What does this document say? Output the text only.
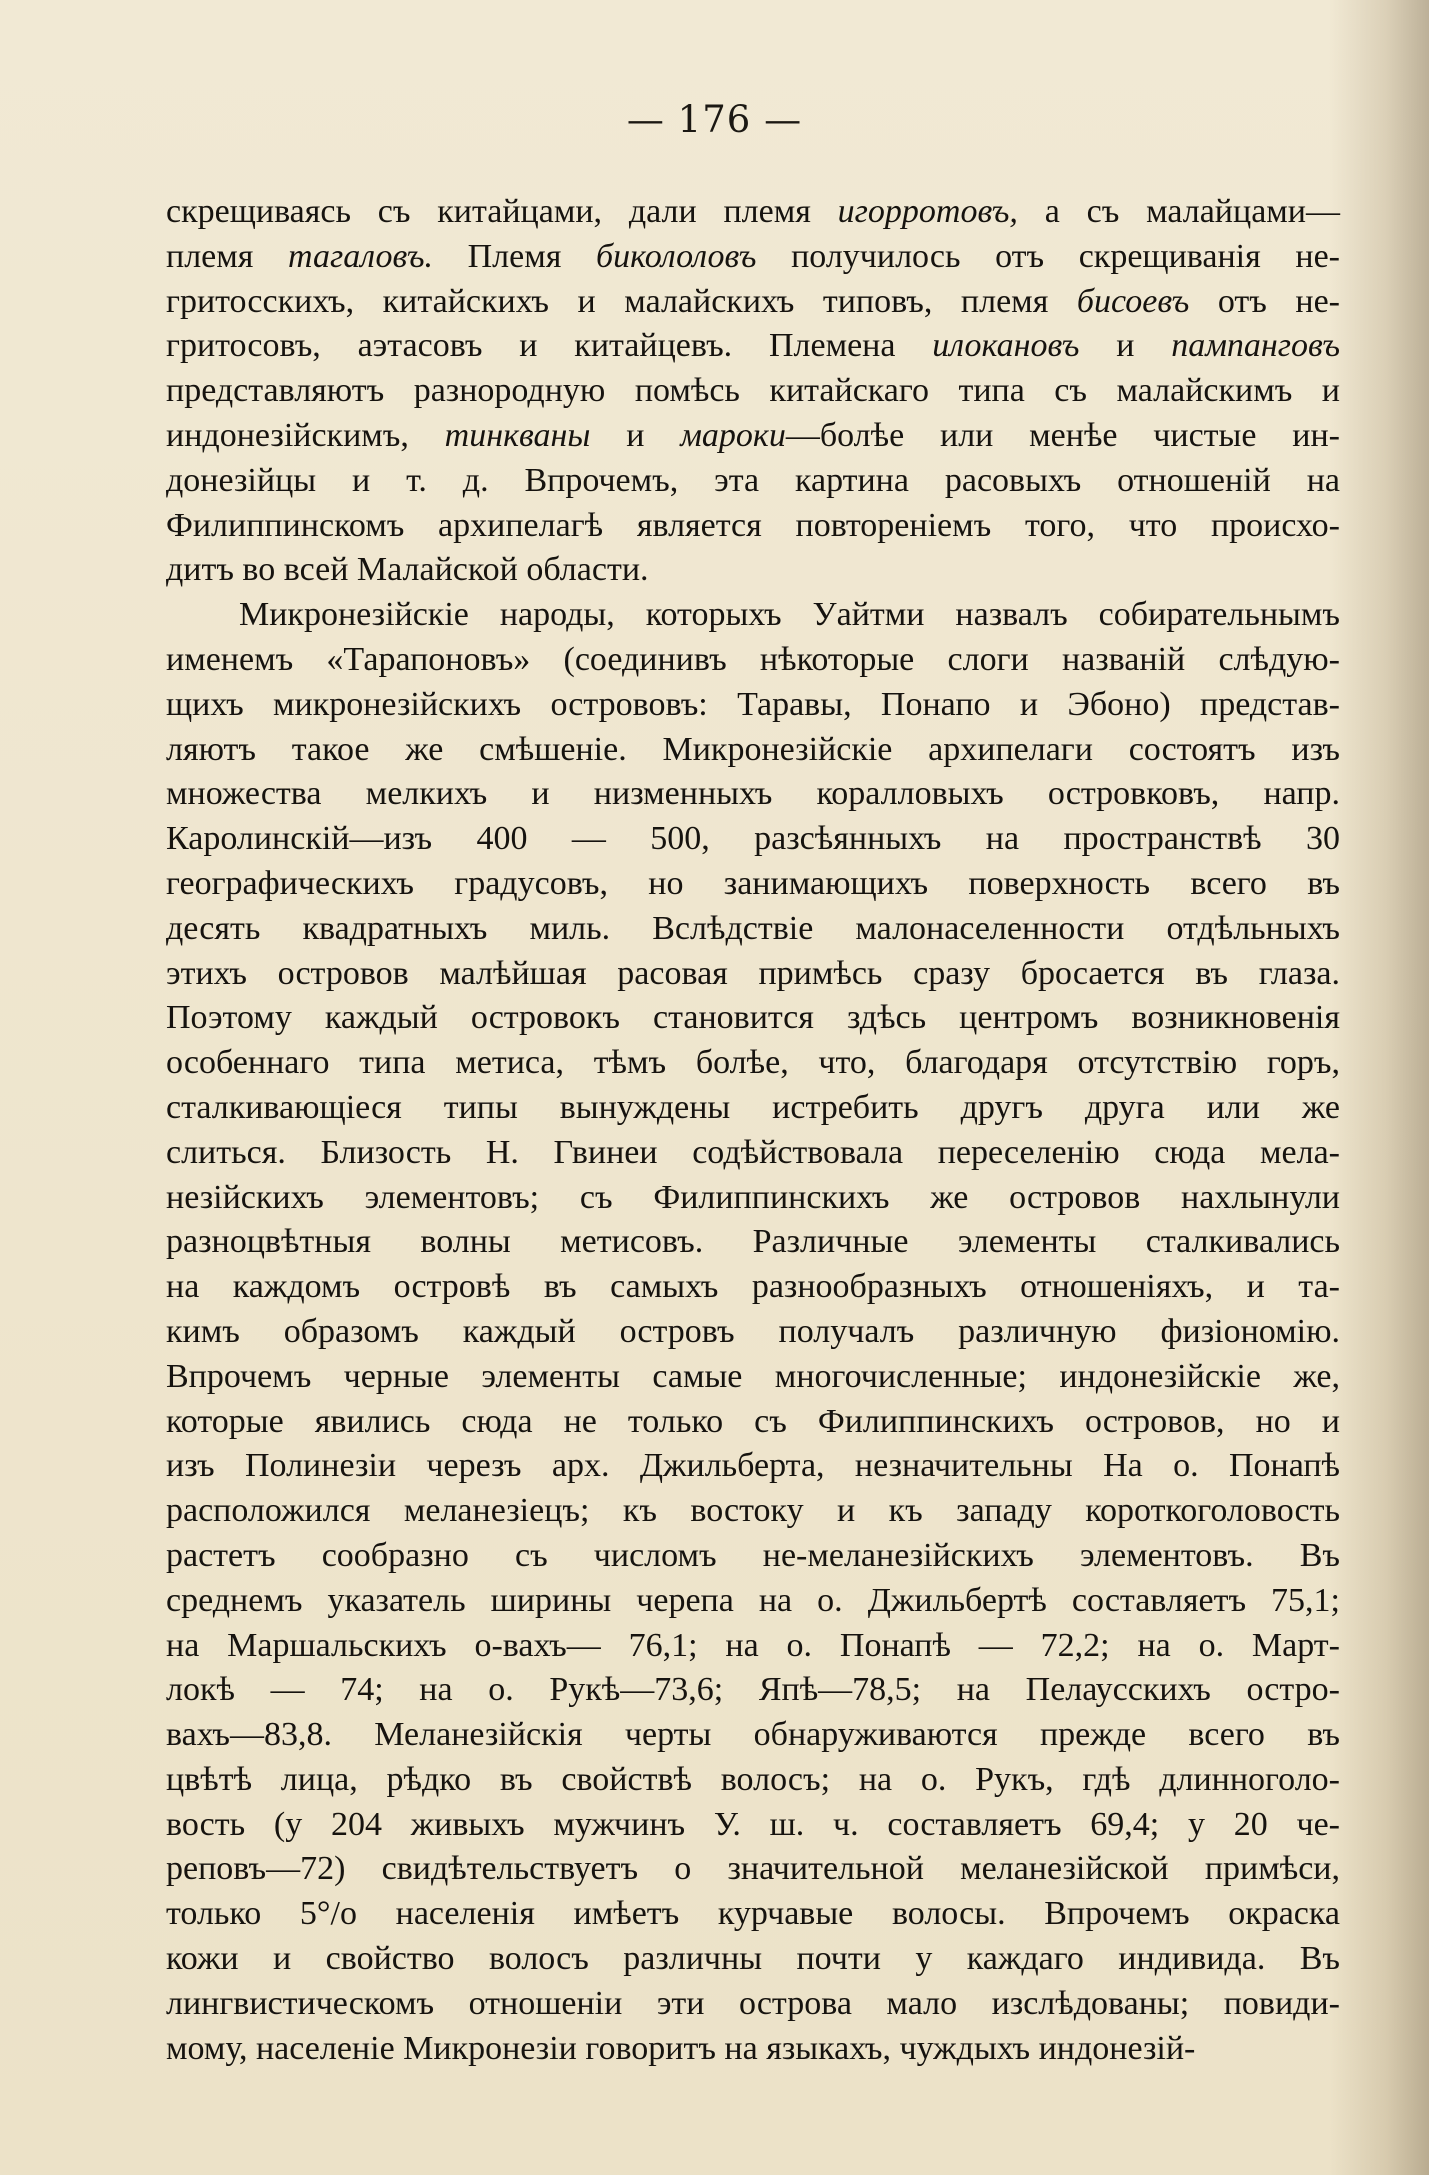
— 176 —
скрещиваясь съ китайцами, дали племя игорротовъ, а съ малайцами—
племя тагаловъ. Племя бикололовъ получилось отъ скрещиванія не-
гритосскихъ, китайскихъ и малайскихъ типовъ, племя бисоевъ отъ не-
гритосовъ, аэтасовъ и китайцевъ. Племена илокановъ и пампанговъ
представляютъ разнородную помѣсь китайскаго типа съ малайскимъ и
индонезійскимъ, тинкваны и мароки—болѣе или менѣе чистые ин-
донезійцы и т. д. Впрочемъ, эта картина расовыхъ отношеній на
Филиппинскомъ архипелагѣ является повтореніемъ того, что происхо-
дитъ во всей Малайской области.
Микронезійскіе народы, которыхъ Уайтми назвалъ собирательнымъ
именемъ «Тарапоновъ» (соединивъ нѣкоторые слоги названій слѣдую-
щихъ микронезійскихъ острововъ: Таравы, Понапо и Эбоно) представ-
ляютъ такое же смѣшеніе. Микронезійскіе архипелаги состоятъ изъ
множества мелкихъ и низменныхъ коралловыхъ островковъ, напр.
Каролинскій—изъ 400 — 500, разсѣянныхъ на пространствѣ 30
географическихъ градусовъ, но занимающихъ поверхность всего въ
десять квадратныхъ миль. Вслѣдствіе малонаселенности отдѣльныхъ
этихъ островов малѣйшая расовая примѣсь сразу бросается въ глаза.
Поэтому каждый островокъ становится здѣсь центромъ возникновенія
особеннаго типа метиса, тѣмъ болѣе, что, благодаря отсутствію горъ,
сталкивающіеся типы вынуждены истребить другъ друга или же
слиться. Близость Н. Гвинеи содѣйствовала переселенію сюда мела-
незійскихъ элементовъ; съ Филиппинскихъ же островов нахлынули
разноцвѣтныя волны метисовъ. Различные элементы сталкивались
на каждомъ островѣ въ самыхъ разнообразныхъ отношеніяхъ, и та-
кимъ образомъ каждый островъ получалъ различную физіономію.
Впрочемъ черные элементы самые многочисленные; индонезійскіе же,
которые явились сюда не только съ Филиппинскихъ островов, но и
изъ Полинезіи черезъ арх. Джильберта, незначительны На о. Понапѣ
расположился меланезіецъ; къ востоку и къ западу короткоголовость
растетъ сообразно съ числомъ не-меланезійскихъ элементовъ. Въ
среднемъ указатель ширины черепа на о. Джильбертѣ составляетъ 75,1;
на Маршальскихъ о-вахъ— 76,1; на о. Понапѣ — 72,2; на о. Март-
локѣ — 74; на о. Рукѣ—73,6; Япѣ—78,5; на Пелаусскихъ остро-
вахъ—83,8. Меланезійскія черты обнаруживаются прежде всего въ
цвѣтѣ лица, рѣдко въ свойствѣ волосъ; на о. Рукъ, гдѣ длинноголо-
вость (у 204 живыхъ мужчинъ У. ш. ч. составляетъ 69,4; у 20 че-
реповъ—72) свидѣтельствуетъ о значительной меланезійской примѣси,
только 5°/o населенія имѣетъ курчавые волосы. Впрочемъ окраска
кожи и свойство волосъ различны почти у каждаго индивида. Въ
лингвистическомъ отношеніи эти острова мало изслѣдованы; повиди-
мому, населеніе Микронезіи говоритъ на языкахъ, чуждыхъ индонезій-
